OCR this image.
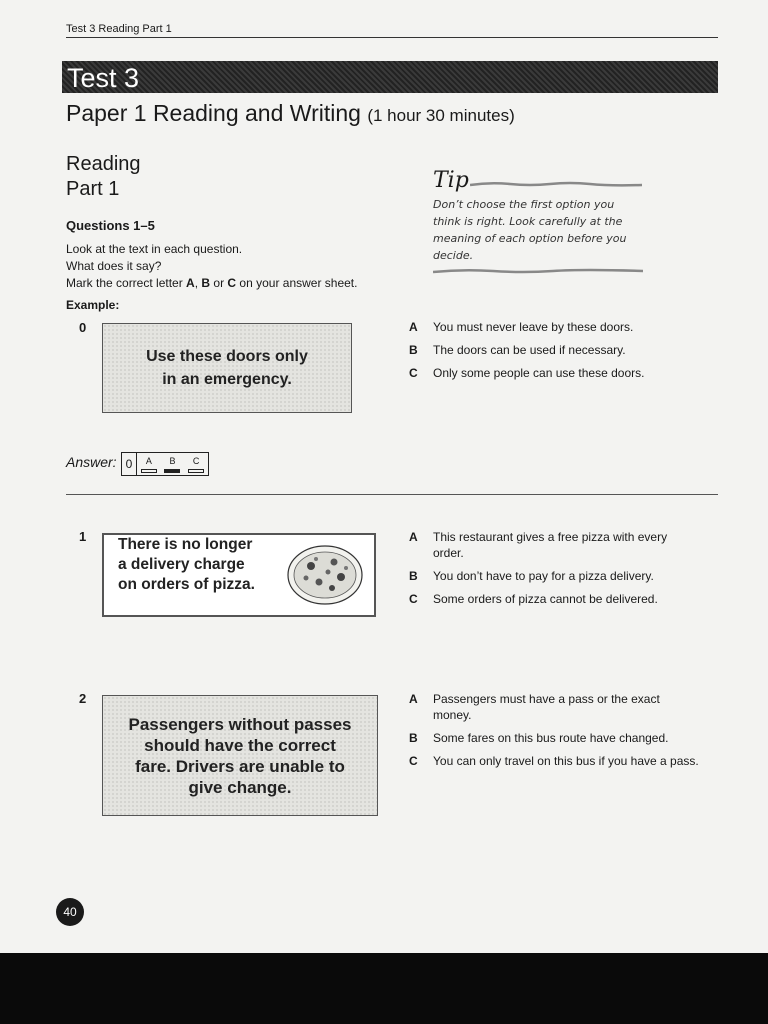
Test 3 Reading Part 1
Test 3
Paper 1 Reading and Writing (1 hour 30 minutes)
Reading
Part 1
Questions 1–5
Look at the text in each question.
What does it say?
Mark the correct letter A, B or C on your answer sheet.
Example:
Tip
Don’t choose the first option you think is right. Look carefully at the meaning of each option before you decide.
0
Use these doors only
in an emergency.
A	You must never leave by these doors.
B	The doors can be used if necessary.
C	Only some people can use these doors.
Answer: 0	A B C
1 There is no longer
a delivery charge
on orders of pizza.
A	This restaurant gives a free pizza with every order.
B	You don’t have to pay for a pizza delivery.
C	Some orders of pizza cannot be delivered.
2
Passengers without passes
should have the correct
fare. Drivers are unable to
give change.
A	Passengers must have a pass or the exact money.
B	Some fares on this bus route have changed.
C	You can only travel on this bus if you have a pass.
40
